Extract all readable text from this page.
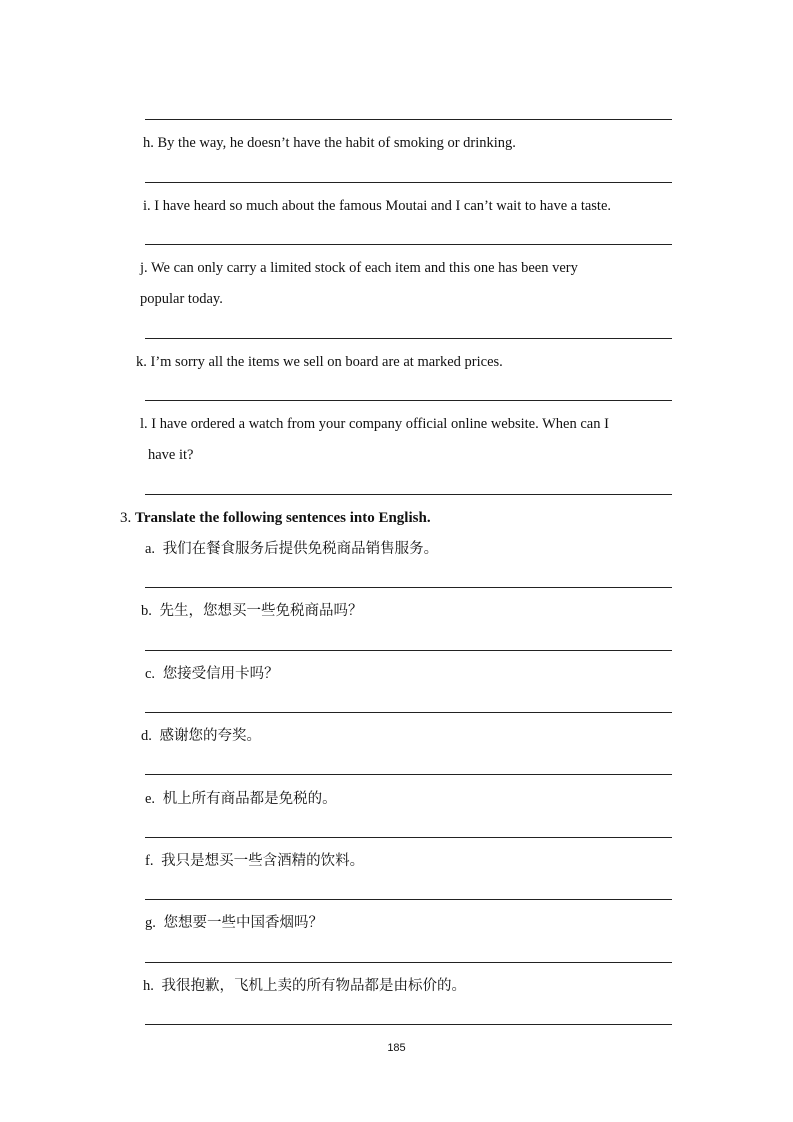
h. By the way, he doesn’t have the habit of smoking or drinking.
i. I have heard so much about the famous Moutai and I can’t wait to have a taste.
j. We can only carry a limited stock of each item and this one has been very
popular today.
k. I’m sorry all the items we sell on board are at marked prices.
l. I have ordered a watch from your company official online website. When can I
have it?
3. Translate the following sentences into English.
a. 我们在餐食服务后提供免税商品销售服务。
b. 先生，您想买一些免税商品吗？
c. 您接受信用卡吗？
d. 感谢您的夸奖。
e. 机上所有商品都是免税的。
f. 我只是想买一些含酒精的饮料。
g. 您想要一些中国香烟吗？
h. 我很抱歉，飞机上卖的所有物品都是由标价的。
185
